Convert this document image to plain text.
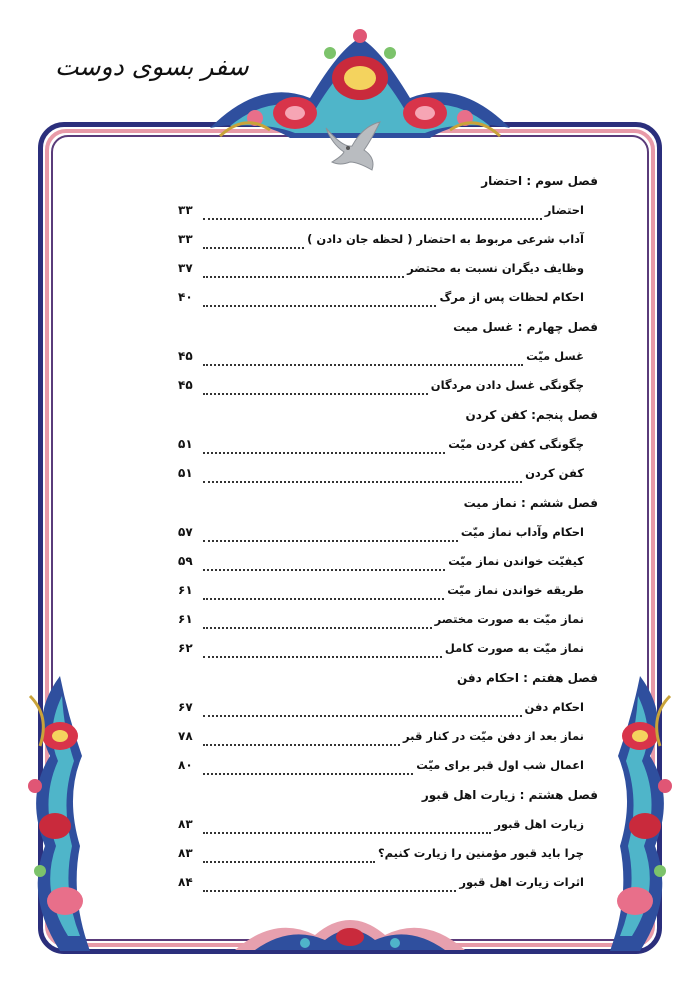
سفر بسوی دوست
فصل سوم : احتضار
احتضار
۳۳
آداب شرعی مربوط به احتضار ( لحظه جان دادن )
۳۳
وظایف دیگران نسبت به محتضر
۳۷
احکام لحظات پس از مرگ
۴۰
فصل چهارم : غسل میت
غسل میّت
۴۵
چگونگی غسل دادن مردگان
۴۵
فصل پنجم: کفن کردن
چگونگی کفن کردن میّت
۵۱
کفن کردن
۵۱
فصل ششم : نماز میت
احکام وآداب نماز میّت
۵۷
کیفیّت خواندن نماز میّت
۵۹
طریقه خواندن نماز میّت
۶۱
نماز میّت به صورت مختصر
۶۱
نماز میّت به صورت کامل
۶۲
فصل هفتم : احکام دفن
احکام دفن
۶۷
نماز بعد از دفن میّت در کنار قبر
۷۸
اعمال شب اول قبر برای میّت
۸۰
فصل هشتم : زیارت اهل قبور
زیارت اهل قبور
۸۳
چرا باید قبور مؤمنین را زیارت کنیم؟
۸۳
اثرات زیارت اهل قبور
۸۴
